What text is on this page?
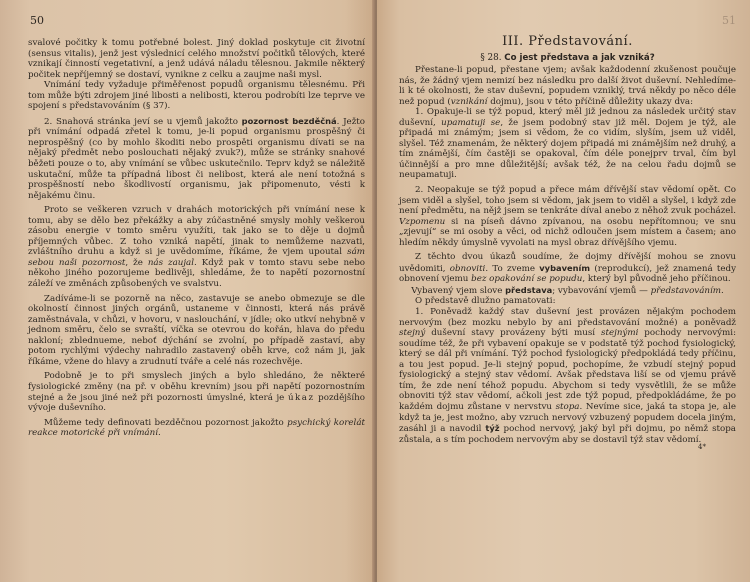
50

svalové počitky k tomu potřebné bolest. Jiný doklad poskytuje cit životní (sensus vitalis), jenž jest výslednicí celého množství počitků tělových, které vznikají činností vegetativní, a jenž udává náladu tělesnou. Jakmile některý počitek nepříjemný se dostaví, vynikne z celku a zaujme naši mysl.

Vnímání tedy vyžaduje přiměřenost popudů organismu tělesnému. Při tom může býti zdrojem jiné libosti a nelibosti, kterou podrobíti lze teprve ve spojení s představováním (§ 37).

2. Snahová stránka jeví se u vjemů jakožto pozornost bezděčná. Ježto při vnímání odpadá zřetel k tomu, je-li popud organismu prospěšný či neprospěšný (co by mohlo škoditi nebo prospěti organismu dívati se na nějaký předmět nebo poslouchati nějaký zvuk?), může se stránky snahové běžeti pouze o to, aby vnímání se vůbec uskutečnilo. Teprv když se náležitě uskutační, může ta případná libost či nelibost, která ale není totožná s prospěšností nebo škodlivostí organismu, jak připomenuto, vésti k nějakému činu.

Proto se veškeren vzruch v drahách motorických při vnímání nese k tomu, aby se dělo bez překážky a aby zúčastněné smysly mohly veškerou zásobu energie v tomto směru využíti, tak jako se to děje u dojmů příjemných vůbec. Z toho vzniká napětí, jinak to nemůžeme nazvati, zvláštního druhu a když si je uvědomíme, říkáme, že vjem upoutal sám sebou naši pozornost, že nás zaujal. Když pak v tomto stavu sebe nebo někoho jiného pozorujeme bedlivěji, shledáme, že to napětí pozornostní záleží ve změnách způsobených ve svalstvu.

Zadíváme-li se pozorně na něco, zastavuje se anebo obmezuje se dle okolností činnost jiných orgánů, ustaneme v činnosti, která nás právě zaměstnávala, v chůzi, v hovoru, v naslouchání, v jídle; oko utkví nehybně v jednom směru, čelo se svraští, víčka se otevrou do kořán, hlava do předu nakloní; zblednueme, neboť dýchání se zvolní, po případě zastaví, aby potom rychlými výdechy nahradilo zastavený oběh krve, což nám ji, jak říkáme, vžene do hlavy a zrudnutí tváře a celé nás rozechvěje.

Podobně je to při smyslech jiných a bylo shledáno, že některé fysiologické změny (na př. v oběhu krevním) jsou při napětí pozornostním stejné a že jsou jiné než při pozornosti úmyslné, která je úkaz pozdějšího vývoje duševního.

Můžeme tedy definovati bezděčnou pozornost jakožto psychický korelát reakce motorické při vnímání.

51
III. Představování.
§ 28. Co jest představa a jak vzniká?

Přestane-li popud, přestane vjem; avšak každodenní zkušenost poučuje nás, že žádný vjem nemizí bez následku pro další život duševní. Nehledíme-li k té okolnosti, že stav duševní, popudem vzniklý, trvá někdy po něco déle než popud (vznikání dojmu), jsou v této příčině důležity ukazy dva:

1. Opakuje-li se týž popud, který měl již jednou za následek určitý stav duševní, upamatuji se, že jsem podobný stav již měl. Dojem je týž, ale připadá mi známým; jsem si vědom, že co vidím, slyším, jsem už viděl, slyšel. Též znamenám, že některý dojem připadá mi známějším než druhý, a tím známější, čím častěji se opakoval, čím déle ponejprv trval, čím byl účinnější a pro mne důležitější; avšak též, že na celou řadu dojmů se neupamatuji.

2. Neopakuje se týž popud a přece mám dřívější stav vědomí opět. Co jsem viděl a slyšel, toho jsem si vědom, jak jsem to viděl a slyšel, i když zde není předmětu, na nějž jsem se tenkráte díval anebo z něhož zvuk pocházel. Vzpomenu si na píseň dávno zpívanou, na osobu nepřítomnou; ve snu „zjevují“ se mi osoby a věci, od nichž odloučen jsem místem a časem; ano hledím někdy úmyslně vyvolati na mysl obraz dřívějšího vjemu.

Z těchto dvou úkazů soudíme, že dojmy dřívější mohou se znovu uvědomiti, obnoviti. To zveme vybavením (reprodukcí), jež znamená tedy obnovení vjemu bez opakování se popudu, který byl původně jeho příčinou.

Vybavený vjem slove představa; vybavování vjemů — představováním.

O představě dlužno pamatovati:

1. Poněvadž každý stav duševní jest provázen nějakým pochodem nervovým (bez mozku nebylo by ani představování možné) a poněvadž stejný duševní stavy provázeny býti musí stejnými pochody nervovými: soudíme též, že při vybavení opakuje se v podstatě týž pochod fysiologický, který se dál při vnímání. Týž pochod fysiologický předpokládá tedy příčinu, a tou jest popud. Je-li stejný popud, pochopíme, že vzbudí stejný popud fysiologický a stejný stav vědomí. Avšak představa liší se od vjemu právě tím, že zde není téhož popudu. Abychom si tedy vysvětlili, že se může obnoviti týž stav vědomí, ačkoli jest zde týž popud, předpokládáme, že po každém dojmu zůstane v nervstvu stopa. Nevíme sice, jaká ta stopa je, ale když ta je, jest možno, aby vzruch nervový vzbuzený popudem docela jiným, zasáhl ji a navodil týž pochod nervový, jaký byl při dojmu, po němž stopa zůstala, a s tím pochodem nervovým aby se dostavil týž stav vědomí.

4*
